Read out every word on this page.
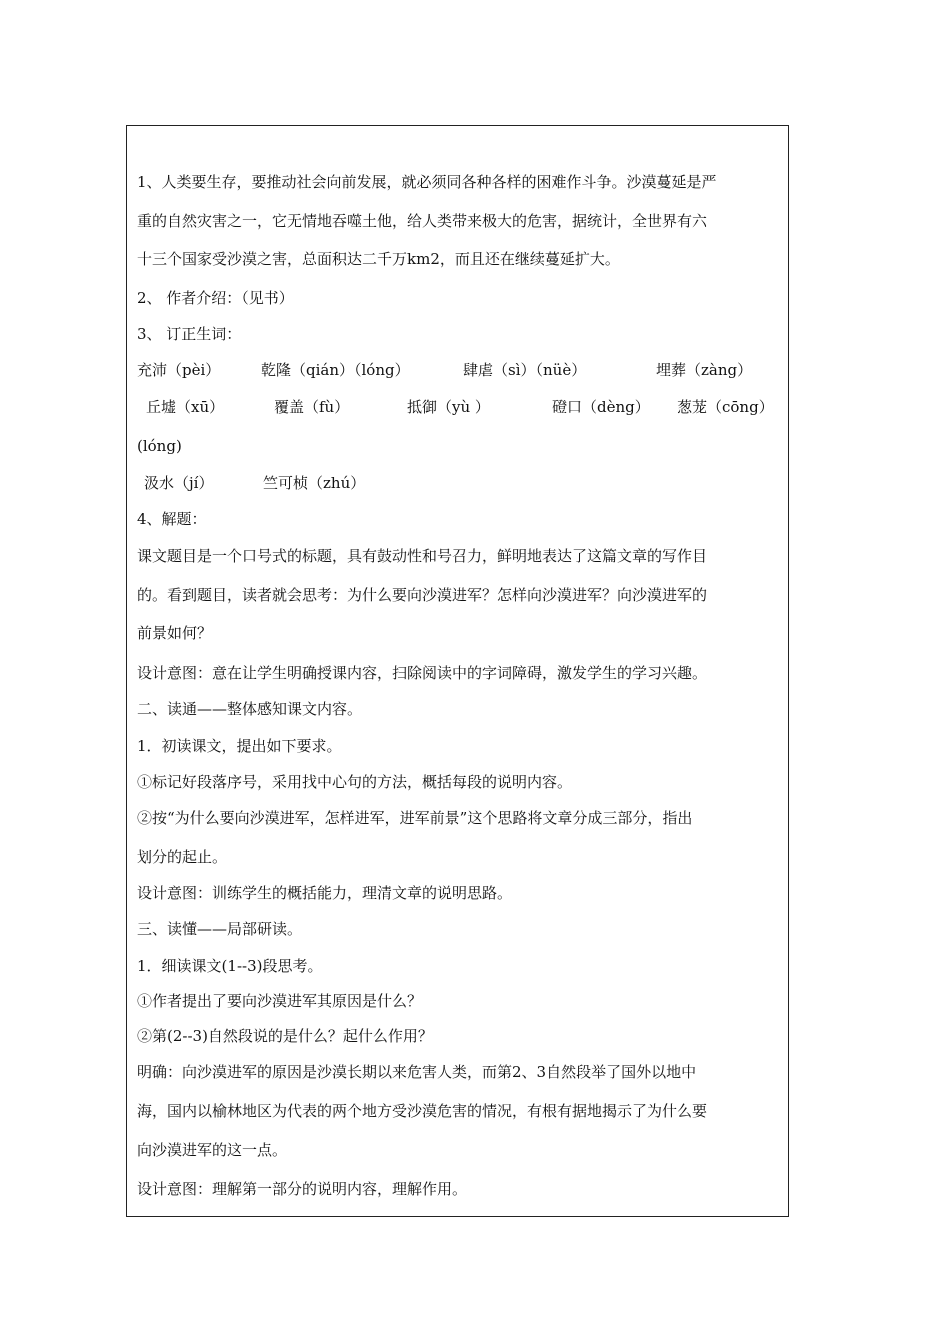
1、人类要生存，要推动社会向前发展，就必须同各种各样的困难作斗争。沙漠蔓延是严
重的自然灾害之一，它无情地吞噬土他，给人类带来极大的危害，据统计，全世界有六
十三个国家受沙漠之害，总面积达二千万km2，而且还在继续蔓延扩大。
2、 作者介绍：（见书）
3、 订正生词：
充沛（pèi）	乾隆（qián）（lóng）	肆虐（sì）（nüè）	埋葬（zàng）
丘墟（xū）	覆盖（fù）	抵御（yù ）	磴口（dèng） 葱茏（cōng）
(lóng)
汲水（jí）	竺可桢（zhú）
4、解题：
课文题目是一个口号式的标题，具有鼓动性和号召力，鲜明地表达了这篇文章的写作目
的。看到题目，读者就会思考：为什么要向沙漠进军？怎样向沙漠进军？向沙漠进军的
前景如何？
设计意图：意在让学生明确授课内容，扫除阅读中的字词障碍，激发学生的学习兴趣。
二、读通——整体感知课文内容。
1．初读课文，提出如下要求。
①标记好段落序号，采用找中心句的方法，概括每段的说明内容。
②按“为什么要向沙漠进军，怎样进军，进军前景”这个思路将文章分成三部分，指出
划分的起止。
设计意图：训练学生的概括能力，理清文章的说明思路。
三、读懂——局部研读。
1．细读课文(1--3)段思考。
①作者提出了要向沙漠进军其原因是什么？
②第(2--3)自然段说的是什么？起什么作用？
明确：向沙漠进军的原因是沙漠长期以来危害人类，而第2、3自然段举了国外以地中
海，国内以榆林地区为代表的两个地方受沙漠危害的情况，有根有据地揭示了为什么要
向沙漠进军的这一点。
设计意图：理解第一部分的说明内容，理解作用。
